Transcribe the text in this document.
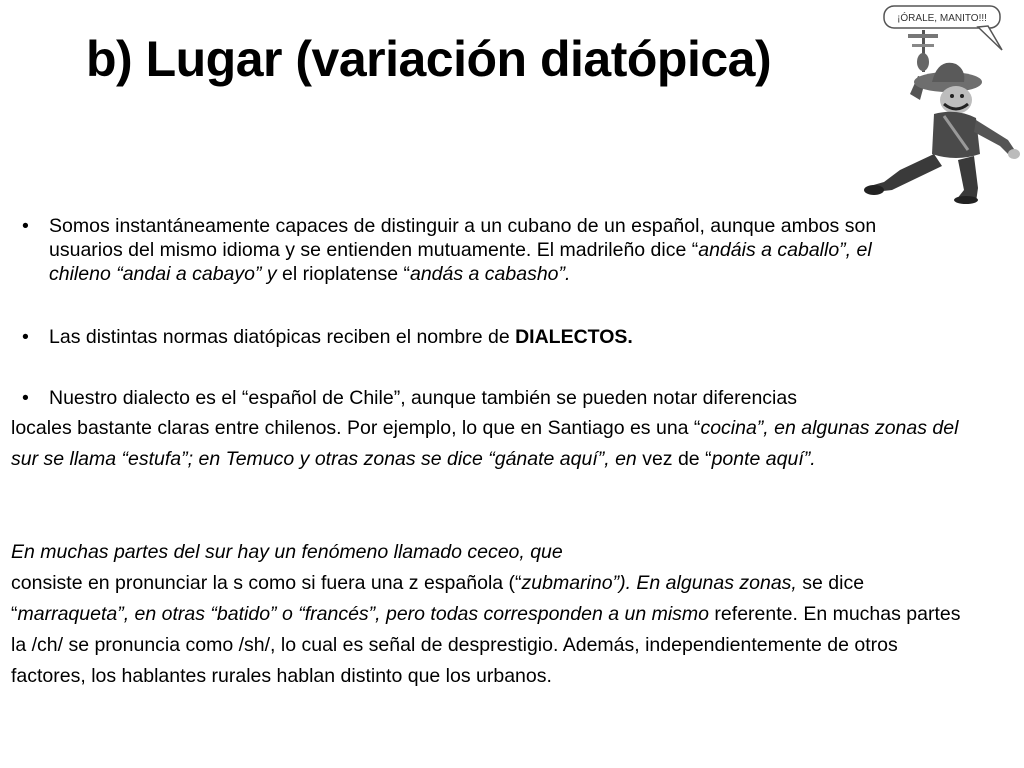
b) Lugar (variación diatópica)
¡ÓRALE, MANITO!!!
• Somos instantáneamente capaces de distinguir a un cubano de un español, aunque ambos son usuarios del mismo idioma y se entienden mutuamente. El madrileño dice “andáis a caballo”, el chileno “andai a cabayo” y el rioplatense “andás a cabasho”.
• Las distintas normas diatópicas reciben el nombre de DIALECTOS.
• Nuestro dialecto es el “español de Chile”, aunque también se pueden notar diferencias
locales bastante claras entre chilenos. Por ejemplo, lo que en Santiago es una “cocina”, en algunas zonas del sur se llama “estufa”; en Temuco y otras zonas se dice “gánate aquí”, en vez de “ponte aquí”.
En muchas partes del sur hay un fenómeno llamado ceceo, que
consiste en pronunciar la s como si fuera una z española (“zubmarino”). En algunas zonas, se dice “marraqueta”, en otras “batido” o “francés”, pero todas corresponden a un mismo referente. En muchas partes la /ch/ se pronuncia como /sh/, lo cual es señal de desprestigio. Además, independientemente de otros factores, los hablantes rurales hablan distinto que los urbanos.
